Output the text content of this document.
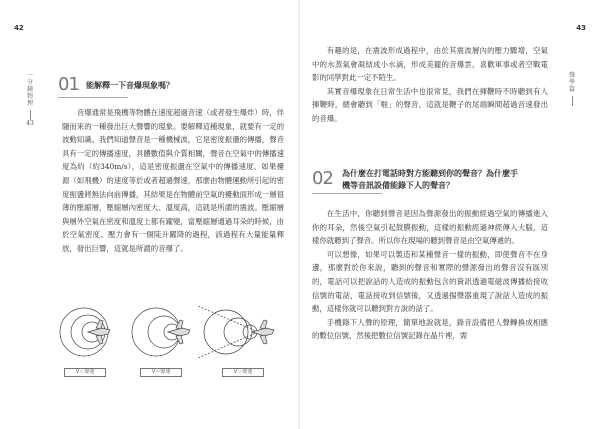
42
一分鐘物理
43
01 能解釋一下音爆現象嗎？

音爆通常是飛機等物體在速度超過音速（或者發生爆炸）時，伴隨而來的一種發出巨大聲響的現象。要解釋這種現象，就要有一定的波動知識。我們知道聲音是一種機械波，它是密度振盪的傳播，聲音具有一定的傳播速度，具體數值與介質相關，聲音在空氣中的傳播速度為約（約340m/s），這是密度振盪在空氣中的傳播速度。如果擾源（如飛機）的速度等於或者超過聲速，那麼由物體運動所引起的密度振盪將無法向前傳播，其結果是在物體前空氣的擾動面形成一層很薄的壓縮層，壓縮層內密度大、溫度高，這就是所謂的震波。壓縮層與層外空氣在密度和溫度上都有躍變，當壓縮層通過耳朵的時候，由於空氣密度、壓力會有一個陡升躍降的過程，該過程有大量能量釋放，發出巨響，這就是所謂的音爆了。

V＜聲速	V＝聲速	V＞聲速
43
聲學篇

有趣的是，在震波形成過程中，由於其震波層內的壓力驟增，空氣中的水蒸氣會凝結成小水滴，形成美麗的音爆雲，喜歡軍事或者空戰電影的同學對此一定不陌生。

其實音爆現象在日常生活中也很常見，我們在揮鞭時不時聽到有人揮鞭時，總會聽到「啪」的聲音，這就是鞭子的尾端瞬間超過音速發出的音爆。

02 為什麼在打電話時對方能聽到你的聲音？為什麼手
機等音訊設備能錄下人的聲音？

在生活中，你聽到聲音是因為聲源發出的振動經過空氣的傳播進入你的耳朵，然後空氣引起鼓膜振動，這樣的振動經過神經傳入大腦，這樣你就聽到了聲音。所以你在現場的聽到聲音是由空氣傳遞的。

可以想像，如果可以製造和某種聲音一樣的振動，即使聲音不在身邊，那麼對於你來說，聽到的聲音和實際的聲源發出的聲音沒有區別的，電話可以把說話的人造成的振動包含的資訊透過電磁波傳播給接收信號的電話，電話接收到信號後，又透過揚聲器重現了說話人造成的振動，這樣你就可以聽到對方說的話了。

手機錄下人聲的原理，簡單地說就是，錄音設備把人聲轉換成相應的數位信號，然後把數位信號記錄在晶片裡，需
